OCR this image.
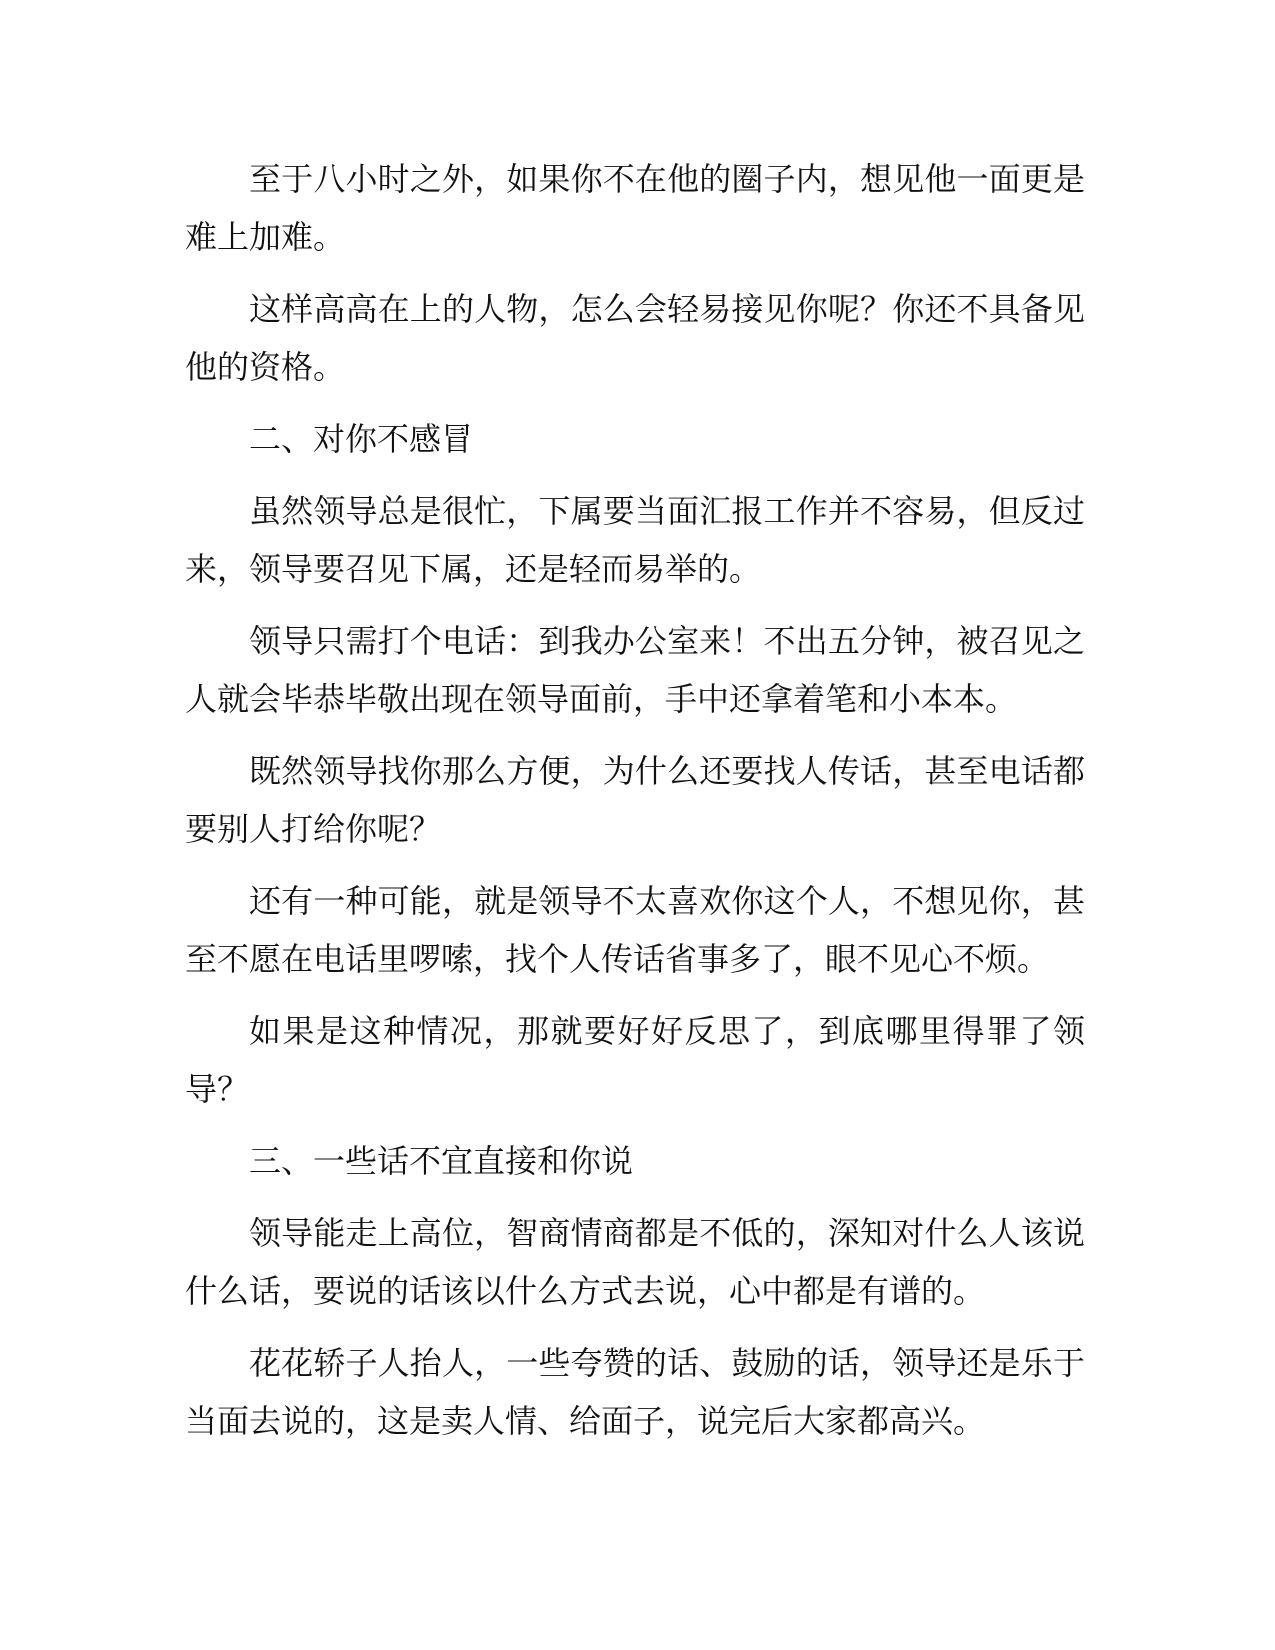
至于八小时之外，如果你不在他的圈子内，想见他一面更是难上加难。

这样高高在上的人物，怎么会轻易接见你呢？你还不具备见他的资格。

二、对你不感冒

虽然领导总是很忙，下属要当面汇报工作并不容易，但反过来，领导要召见下属，还是轻而易举的。

领导只需打个电话：到我办公室来！不出五分钟，被召见之人就会毕恭毕敬出现在领导面前，手中还拿着笔和小本本。

既然领导找你那么方便，为什么还要找人传话，甚至电话都要别人打给你呢？

还有一种可能，就是领导不太喜欢你这个人，不想见你，甚至不愿在电话里啰嗦，找个人传话省事多了，眼不见心不烦。

如果是这种情况，那就要好好反思了，到底哪里得罪了领导？

三、一些话不宜直接和你说

领导能走上高位，智商情商都是不低的，深知对什么人该说什么话，要说的话该以什么方式去说，心中都是有谱的。

花花轿子人抬人，一些夸赞的话、鼓励的话，领导还是乐于当面去说的，这是卖人情、给面子，说完后大家都高兴。
